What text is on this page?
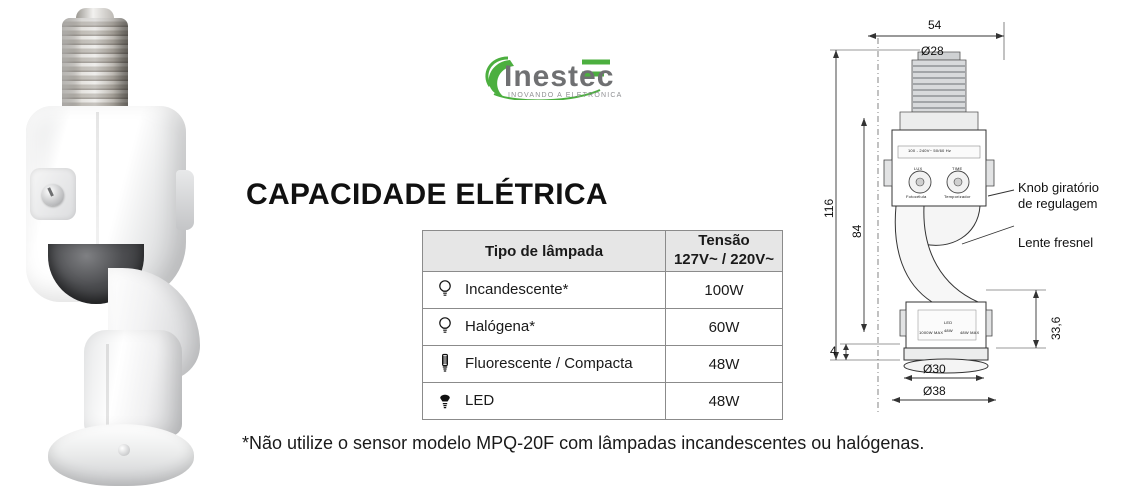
Inestec
INOVANDO A ELETRÔNICA
CAPACIDADE ELÉTRICA
Tipo de lâmpada	Tensão
127V~ / 220V~

Incandescente*	100W

Halógena*	60W

Fluorescente / Compacta	48W

LED	48W
*Não utilize o sensor modelo MPQ-20F com lâmpadas incandescentes ou halógenas.
54
Ø28
116
84
33,6
4
Ø30
Ø38
Knob giratório
de regulagem
Lente fresnel
100 - 240V~ 50/60 Hz
LUX	TIME
Fotocélula	Temporizador
1000W MAX
LED
48W 48W MAX
